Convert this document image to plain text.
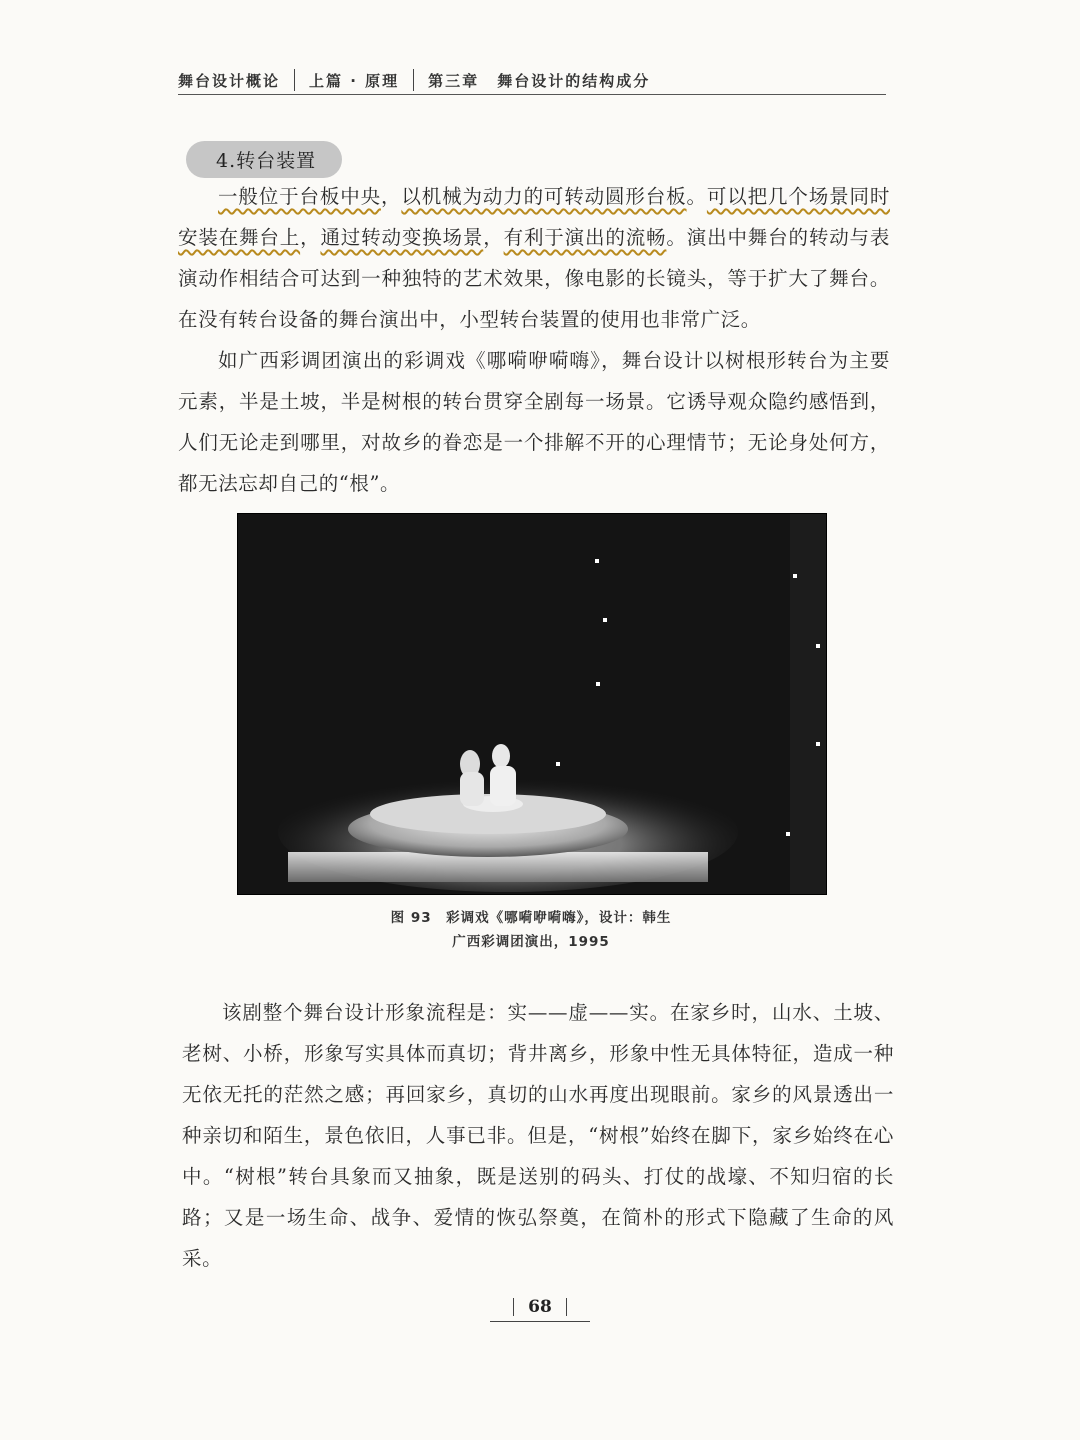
舞台设计概论 上篇 · 原理 第三章 舞台设计的结构成分
4.转台装置

一般位于台板中央，以机械为动力的可转动圆形台板。可以把几个场景同时安装在舞台上，通过转动变换场景，有利于演出的流畅。演出中舞台的转动与表演动作相结合可达到一种独特的艺术效果，像电影的长镜头，等于扩大了舞台。在没有转台设备的舞台演出中，小型转台装置的使用也非常广泛。

如广西彩调团演出的彩调戏《哪嗬咿嗬嗨》，舞台设计以树根形转台为主要元素，半是土坡，半是树根的转台贯穿全剧每一场景。它诱导观众隐约感悟到，人们无论走到哪里，对故乡的眷恋是一个排解不开的心理情节；无论身处何方，都无法忘却自己的“根”。

图 93　彩调戏《哪嗬咿嗬嗨》，设计：韩生
广西彩调团演出，1995

该剧整个舞台设计形象流程是：实——虚——实。在家乡时，山水、土坡、老树、小桥，形象写实具体而真切；背井离乡，形象中性无具体特征，造成一种无依无托的茫然之感；再回家乡，真切的山水再度出现眼前。家乡的风景透出一种亲切和陌生，景色依旧，人事已非。但是，“树根”始终在脚下，家乡始终在心中。“树根”转台具象而又抽象，既是送别的码头、打仗的战壕、不知归宿的长路；又是一场生命、战争、爱情的恢弘祭奠，在简朴的形式下隐藏了生命的风采。

68
